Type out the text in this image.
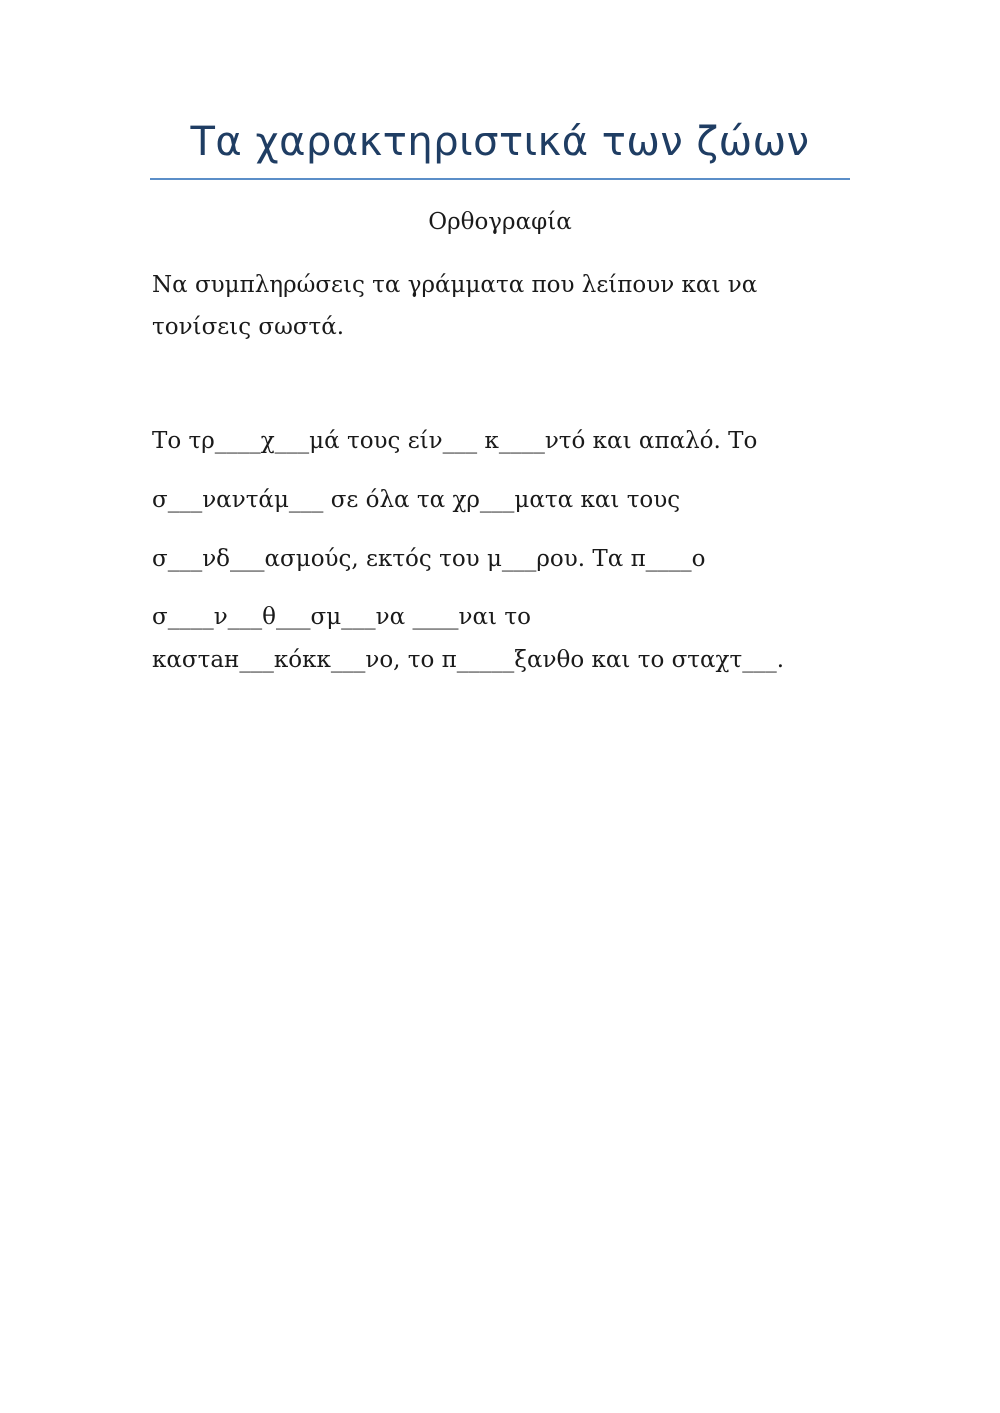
Τα χαρακτηριστικά των ζώων
Ορθογραφία
Να συμπληρώσεις τα γράμματα που λείπουν και να τονίσεις σωστά.
Το τρ____χ___μά τους είν___ κ____ντό και απαλό. Το
σ___ναντάμ___ σε όλα τα χρ___ματα και τους
σ___νδ___ασμούς, εκτός του μ___ρου. Τα π____ο
σ____ν___θ___σμ___να ____ναι το
καστан___κόκк___νο, το π_____ξανθο και το σταχτ___.
